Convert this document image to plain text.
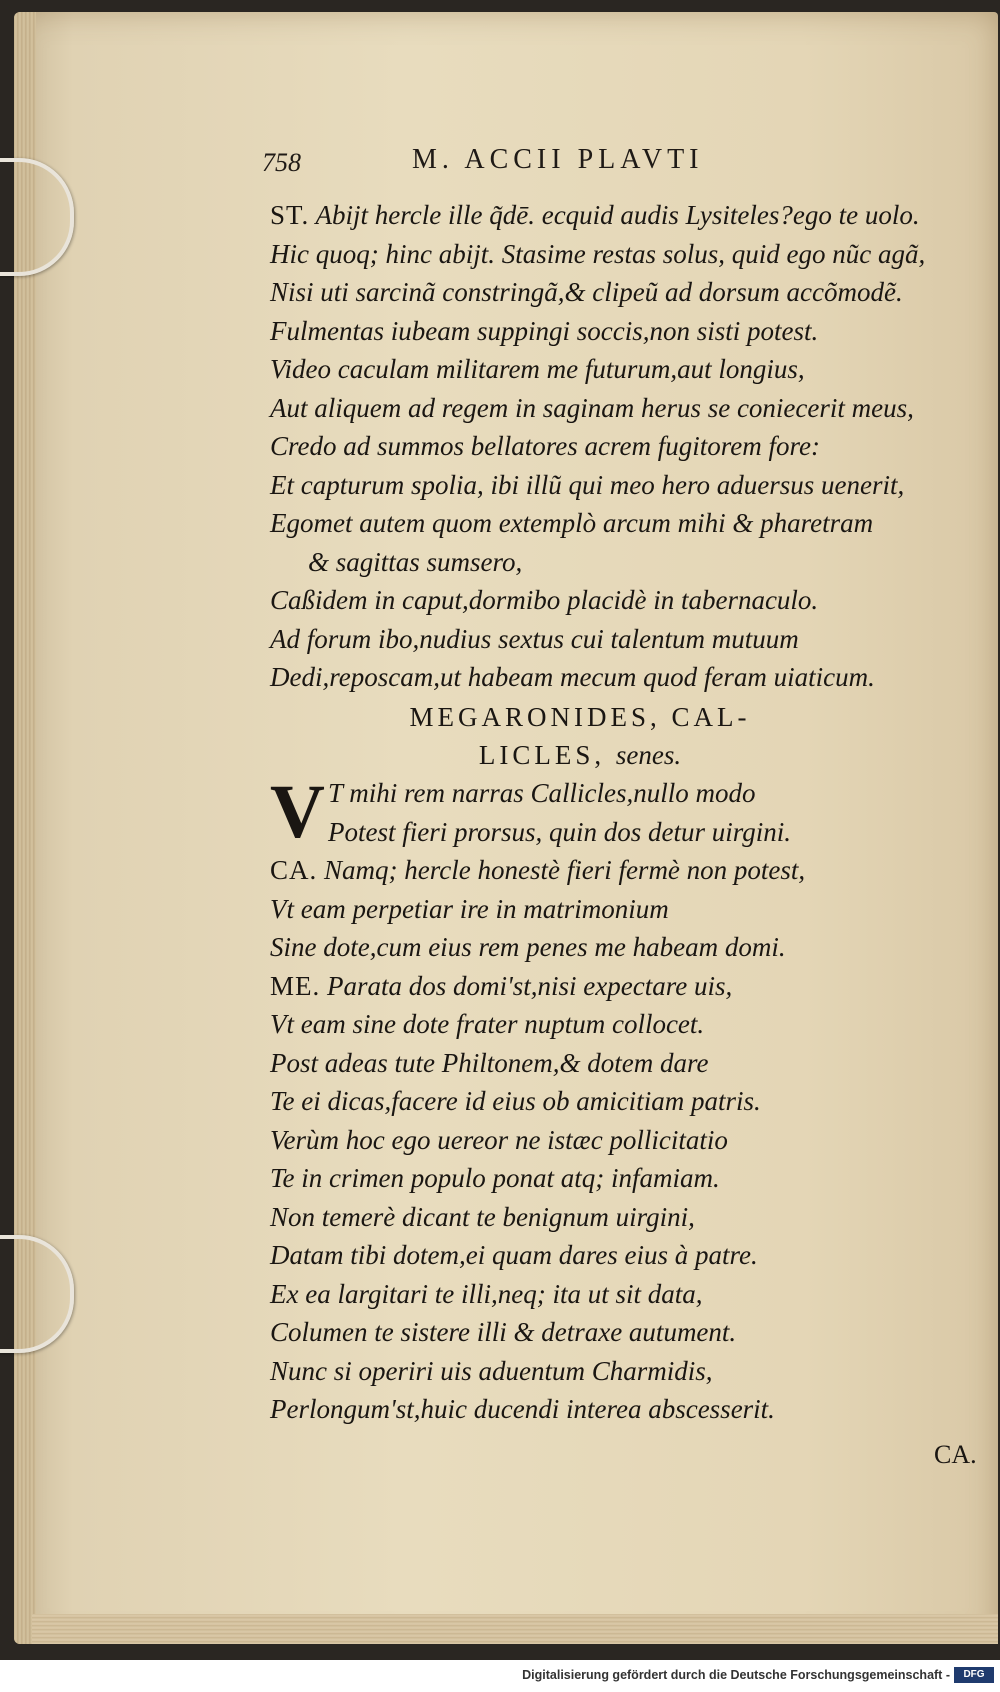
758	M. ACCII PLAVTI
ST. Abijt hercle ille q̃dē. ecquid audis Lysiteles?ego te uolo.
Hic quoq; hinc abijt. Stasime restas solus, quid ego nũc agã,
Nisi uti sarcinã constringã,& clipeũ ad dorsum accõmodẽ.
Fulmentas iubeam suppingi soccis,non sisti potest.
Video caculam militarem me futurum,aut longius,
Aut aliquem ad regem in saginam herus se coniecerit meus,
Credo ad summos bellatores acrem fugitorem fore:
Et capturum spolia, ibi illũ qui meo hero aduersus uenerit,
Egomet autem quom extemplò arcum mihi & pharetram
& sagittas sumsero,
Caßidem in caput,dormibo placidè in tabernaculo.
Ad forum ibo,nudius sextus cui talentum mutuum
Dedi,reposcam,ut habeam mecum quod feram uiaticum.
MEGARONIDES, CAL-
LICLES, senes.
V T mihi rem narras Callicles,nullo modo
Potest fieri prorsus, quin dos detur uirgini.
CA. Namq; hercle honestè fieri fermè non potest,
Vt eam perpetiar ire in matrimonium
Sine dote,cum eius rem penes me habeam domi.
ME. Parata dos domi'st,nisi expectare uis,
Vt eam sine dote frater nuptum collocet.
Post adeas tute Philtonem,& dotem dare
Te ei dicas,facere id eius ob amicitiam patris.
Verùm hoc ego uereor ne istæc pollicitatio
Te in crimen populo ponat atq; infamiam.
Non temerè dicant te benignum uirgini,
Datam tibi dotem,ei quam dares eius à patre.
Ex ea largitari te illi,neq; ita ut sit data,
Columen te sistere illi & detraxe autument.
Nunc si operiri uis aduentum Charmidis,
Perlongum'st,huic ducendi interea abscesserit.
CA.
Digitalisierung gefördert durch die Deutsche Forschungsgemeinschaft -	DFG
